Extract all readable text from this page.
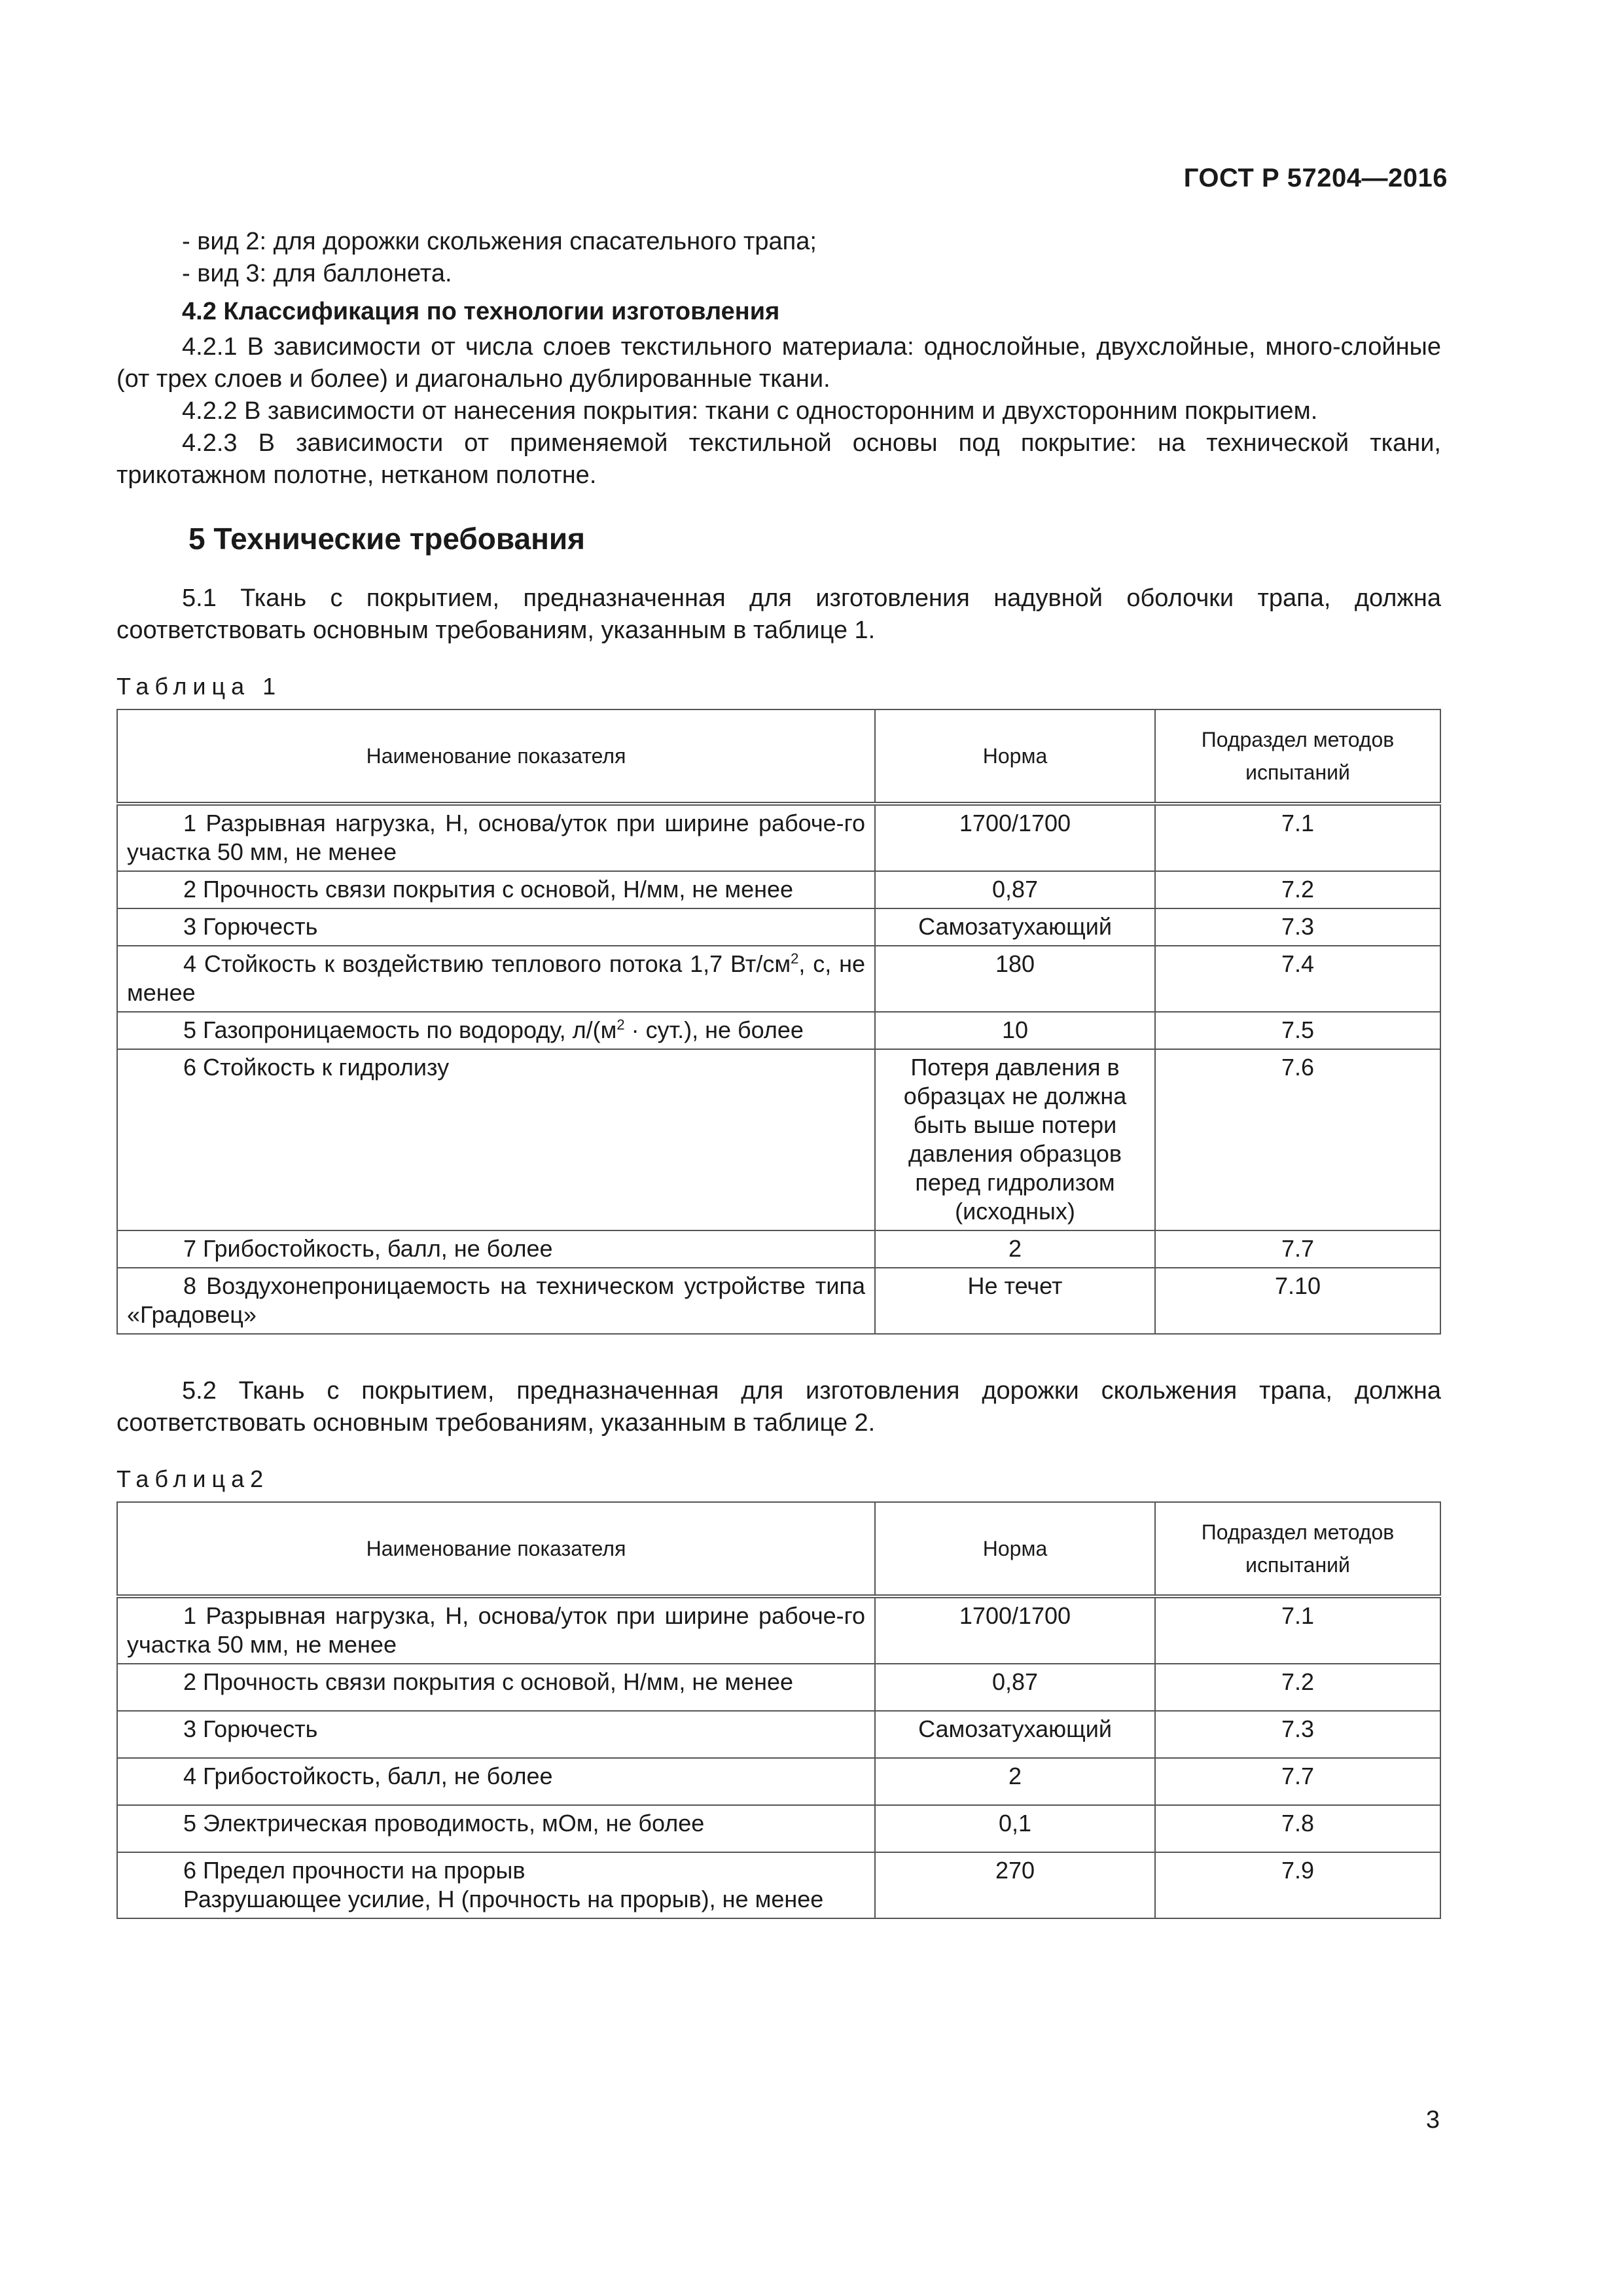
ГОСТ Р 57204—2016

- вид 2: для дорожки скольжения спасательного трапа;

- вид 3: для баллонета.

4.2 Классификация по технологии изготовления

4.2.1 В зависимости от числа слоев текстильного материала: однослойные, двухслойные, много-слойные (от трех слоев и более) и диагонально дублированные ткани.

4.2.2 В зависимости от нанесения покрытия: ткани с односторонним и двухсторонним покрытием.

4.2.3 В зависимости от применяемой текстильной основы под покрытие: на технической ткани, трикотажном полотне, нетканом полотне.

5 Технические требования

5.1 Ткань с покрытием, предназначенная для изготовления надувной оболочки трапа, должна соответствовать основным требованиям, указанным в таблице 1.

Таблица 1

Наименование показателя	Норма	Подраздел методов испытаний
1 Разрывная нагрузка, Н, основа/уток при ширине рабоче-го участка 50 мм, не менее	1700/1700	7.1
2 Прочность связи покрытия с основой, Н/мм, не менее	0,87	7.2
3 Горючесть	Самозатухающий	7.3
4 Стойкость к воздействию теплового потока 1,7 $Вт/см^2$, с, не менее	180	7.4
5 Газопроницаемость по водороду, $л/(м^2 \cdot сут.)$, не более	10	7.5
6 Стойкость к гидролизу	Потеря давления в образцах не должна быть выше потери давления образцов перед гидролизом (исходных)	7.6
7 Грибостойкость, балл, не более	2	7.7
8 Воздухонепроницаемость на техническом устройстве типа «Градовец»	Не течет	7.10

5.2 Ткань с покрытием, предназначенная для изготовления дорожки скольжения трапа, должна соответствовать основным требованиям, указанным в таблице 2.

Таблица2

Наименование показателя	Норма	Подраздел методов испытаний
1 Разрывная нагрузка, Н, основа/уток при ширине рабоче-го участка 50 мм, не менее	1700/1700	7.1
2 Прочность связи покрытия с основой, Н/мм, не менее	0,87	7.2
3 Горючесть	Самозатухающий	7.3
4 Грибостойкость, балл, не более	2	7.7
5 Электрическая проводимость, мОм, не более	0,1	7.8

6 Предел прочности на прорыв
Разрушающее усилие, Н (прочность на прорыв), не менее	270	7.9
3
